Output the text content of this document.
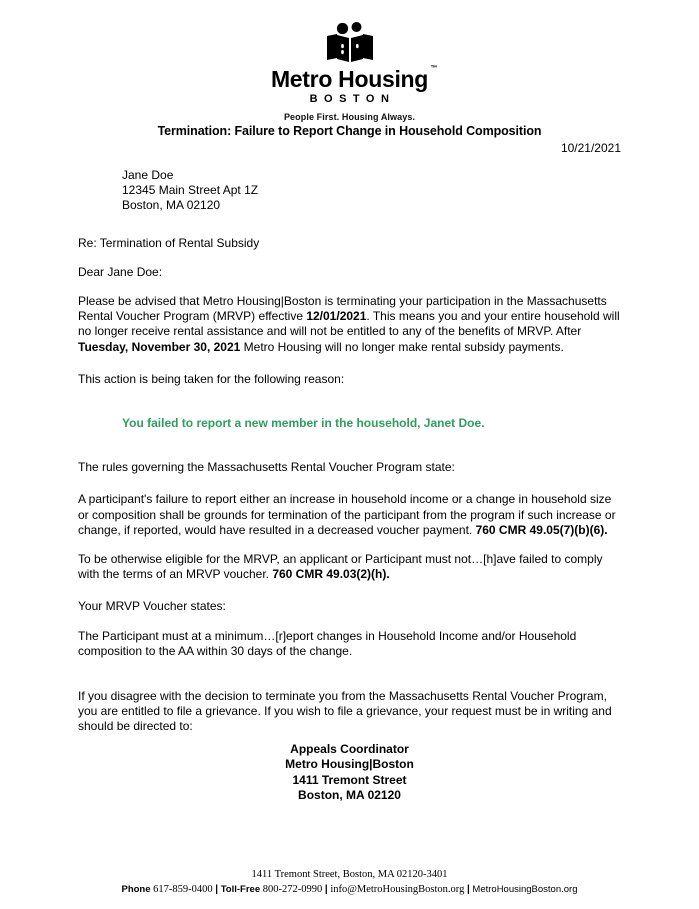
Metro Housing ™
BOSTON
People First. Housing Always.
Termination: Failure to Report Change in Household Composition
10/21/2021
Jane Doe
12345 Main Street Apt 1Z
Boston, MA 02120

Re: Termination of Rental Subsidy

Dear Jane Doe:

Please be advised that Metro Housing|Boston is terminating your participation in the Massachusetts Rental Voucher Program (MRVP) effective 12/01/2021. This means you and your entire household will no longer receive rental assistance and will not be entitled to any of the benefits of MRVP. After Tuesday, November 30, 2021 Metro Housing will no longer make rental subsidy payments.

This action is being taken for the following reason:

You failed to report a new member in the household, Janet Doe.

The rules governing the Massachusetts Rental Voucher Program state:

A participant's failure to report either an increase in household income or a change in household size or composition shall be grounds for termination of the participant from the program if such increase or change, if reported, would have resulted in a decreased voucher payment. 760 CMR 49.05(7)(b)(6).

To be otherwise eligible for the MRVP, an applicant or Participant must not…[h]ave failed to comply with the terms of an MRVP voucher. 760 CMR 49.03(2)(h).

Your MRVP Voucher states:

The Participant must at a minimum…[r]eport changes in Household Income and/or Household composition to the AA within 30 days of the change.

If you disagree with the decision to terminate you from the Massachusetts Rental Voucher Program, you are entitled to file a grievance. If you wish to file a grievance, your request must be in writing and should be directed to:

Appeals Coordinator
Metro Housing|Boston
1411 Tremont Street
Boston, MA 02120
1411 Tremont Street, Boston, MA 02120-3401
Phone 617-859-0400 | Toll-Free 800-272-0990 | info@MetroHousingBoston.org | MetroHousingBoston.org
